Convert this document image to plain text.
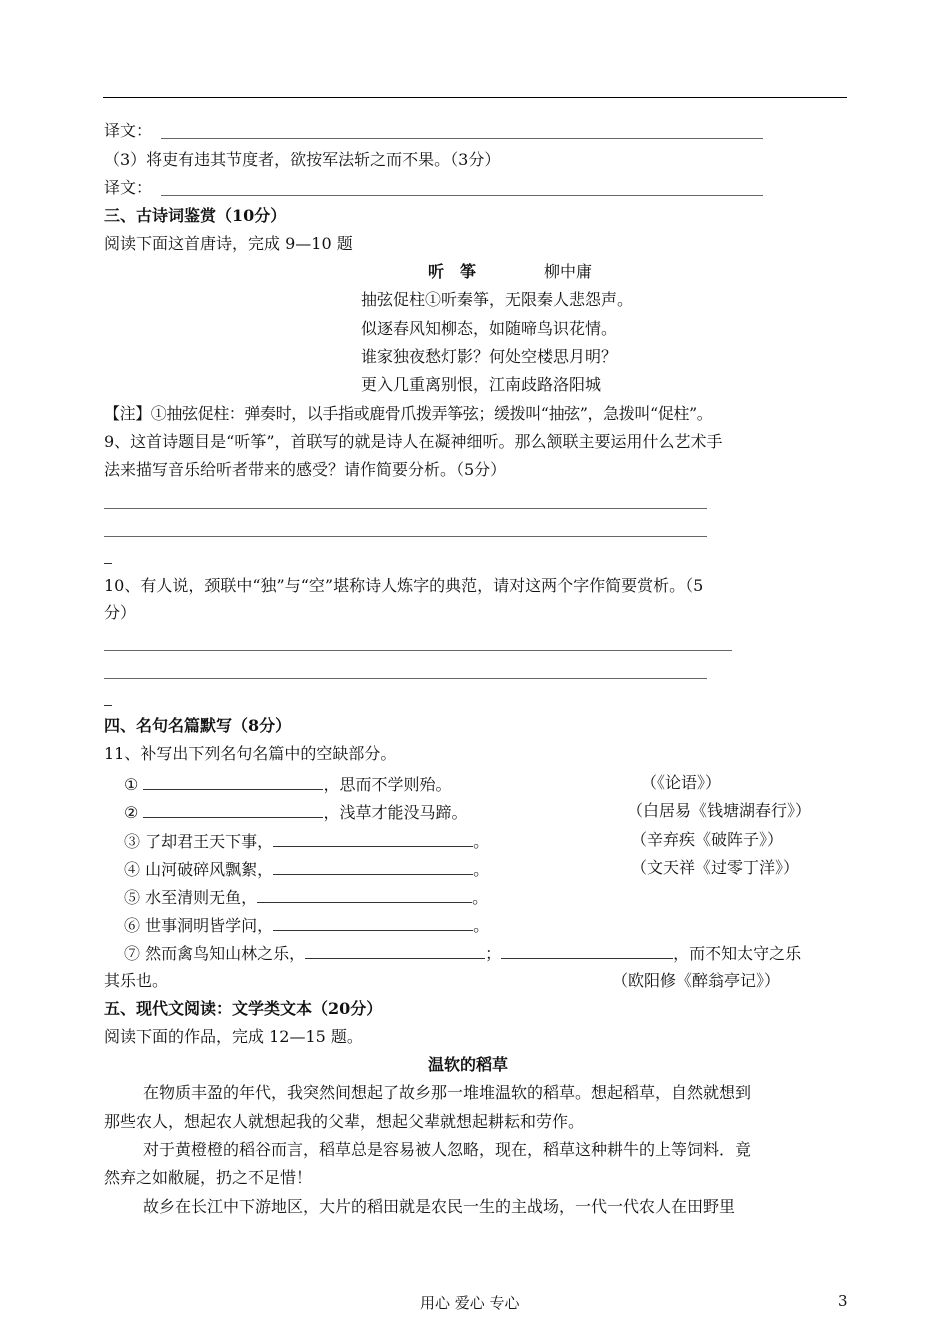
译文：
（3）将吏有违其节度者，欲按军法斩之而不果。（3分）
译文：
三、古诗词鉴赏（10分）
阅读下面这首唐诗，完成 9—10 题
听　筝	柳中庸
抽弦促柱①听秦筝，无限秦人悲怨声。
似逐春风知柳态，如随啼鸟识花情。
谁家独夜愁灯影？何处空楼思月明？
更入几重离别恨，江南歧路洛阳城
【注】①抽弦促柱：弹奏时，以手指或鹿骨爪拨弄筝弦；缓拨叫“抽弦”，急拨叫“促柱”。
9、这首诗题目是“听筝”，首联写的就是诗人在凝神细听。那么颔联主要运用什么艺术手
法来描写音乐给听者带来的感受？请作简要分析。（5分）
10、有人说，颈联中“独”与“空”堪称诗人炼字的典范，请对这两个字作简要赏析。（5
分）
四、名句名篇默写（8分）
11、补写出下列名句名篇中的空缺部分。
①	，思而不学则殆。	（《论语》）
②	，浅草才能没马蹄。	（白居易《钱塘湖春行》）
③ 了却君王天下事，	。	（辛弃疾《破阵子》）
④ 山河破碎风飘絮，	。	（文天祥《过零丁洋》）
⑤ 水至清则无鱼，	。
⑥ 世事洞明皆学问，	。
⑦ 然而禽鸟知山林之乐，	；	，而不知太守之乐
其乐也。	（欧阳修《醉翁亭记》）
五、现代文阅读：文学类文本（20分）
阅读下面的作品，完成 12—15 题。
温软的稻草
在物质丰盈的年代，我突然间想起了故乡那一堆堆温软的稻草。想起稻草，自然就想到
那些农人，想起农人就想起我的父辈，想起父辈就想起耕耘和劳作。
对于黄橙橙的稻谷而言，稻草总是容易被人忽略，现在，稻草这种耕牛的上等饲料．竟
然弃之如敝屣，扔之不足惜！
故乡在长江中下游地区，大片的稻田就是农民一生的主战场，一代一代农人在田野里
用心 爱心 专心	3
